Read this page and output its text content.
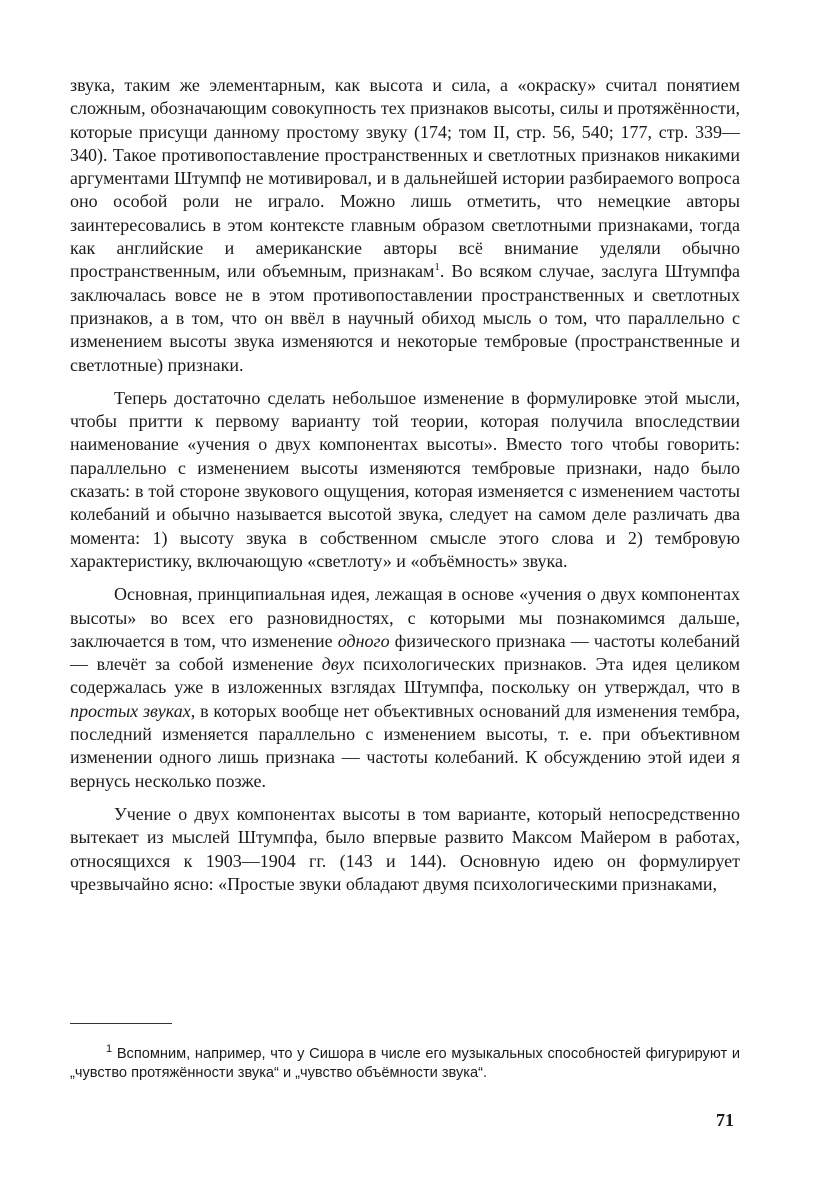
звука, таким же элементарным, как высота и сила, а «окраску» считал понятием сложным, обозначающим совокупность тех признаков высоты, силы и протяжённости, которые присущи данному простому звуку (174; том II, стр. 56, 540; 177, стр. 339—340). Такое противопоставление пространственных и светлотных признаков никакими аргументами Штумпф не мотивировал, и в дальнейшей истории разбираемого вопроса оно особой роли не играло. Можно лишь отметить, что немецкие авторы заинтересовались в этом контексте главным образом светлотными признаками, тогда как английские и американские авторы всё внимание уделяли обычно пространственным, или объемным, признакам$^1$. Во всяком случае, заслуга Штумпфа заключалась вовсе не в этом противопоставлении пространственных и светлотных признаков, а в том, что он ввёл в научный обиход мысль о том, что параллельно с изменением высоты звука изменяются и некоторые тембровые (пространственные и светлотные) признаки.

Теперь достаточно сделать небольшое изменение в формулировке этой мысли, чтобы притти к первому варианту той теории, которая получила впоследствии наименование «учения о двух компонентах высоты». Вместо того чтобы говорить: параллельно с изменением высоты изменяются тембровые признаки, надо было сказать: в той стороне звукового ощущения, которая изменяется с изменением частоты колебаний и обычно называется высотой звука, следует на самом деле различать два момента: 1) высоту звука в собственном смысле этого слова и 2) тембровую характеристику, включающую «светлоту» и «объёмность» звука.

Основная, принципиальная идея, лежащая в основе «учения о двух компонентах высоты» во всех его разновидностях, с которыми мы познакомимся дальше, заключается в том, что изменение одного физического признака — частоты колебаний — влечёт за собой изменение двух психологических признаков. Эта идея целиком содержалась уже в изложенных взглядах Штумпфа, поскольку он утверждал, что в простых звуках, в которых вообще нет объективных оснований для изменения тембра, последний изменяется параллельно с изменением высоты, т. е. при объективном изменении одного лишь признака — частоты колебаний. К обсуждению этой идеи я вернусь несколько позже.

Учение о двух компонентах высоты в том варианте, который непосредственно вытекает из мыслей Штумпфа, было впервые развито Максом Майером в работах, относящихся к 1903—1904 гг. (143 и 144). Основную идею он формулирует чрезвычайно ясно: «Простые звуки обладают двумя психологическими признаками,

$^1$ Вспомним, например, что у Сишора в числе его музыкальных способностей фигурируют и „чувство протяжённости звука“ и „чувство объёмности звука“.

71
